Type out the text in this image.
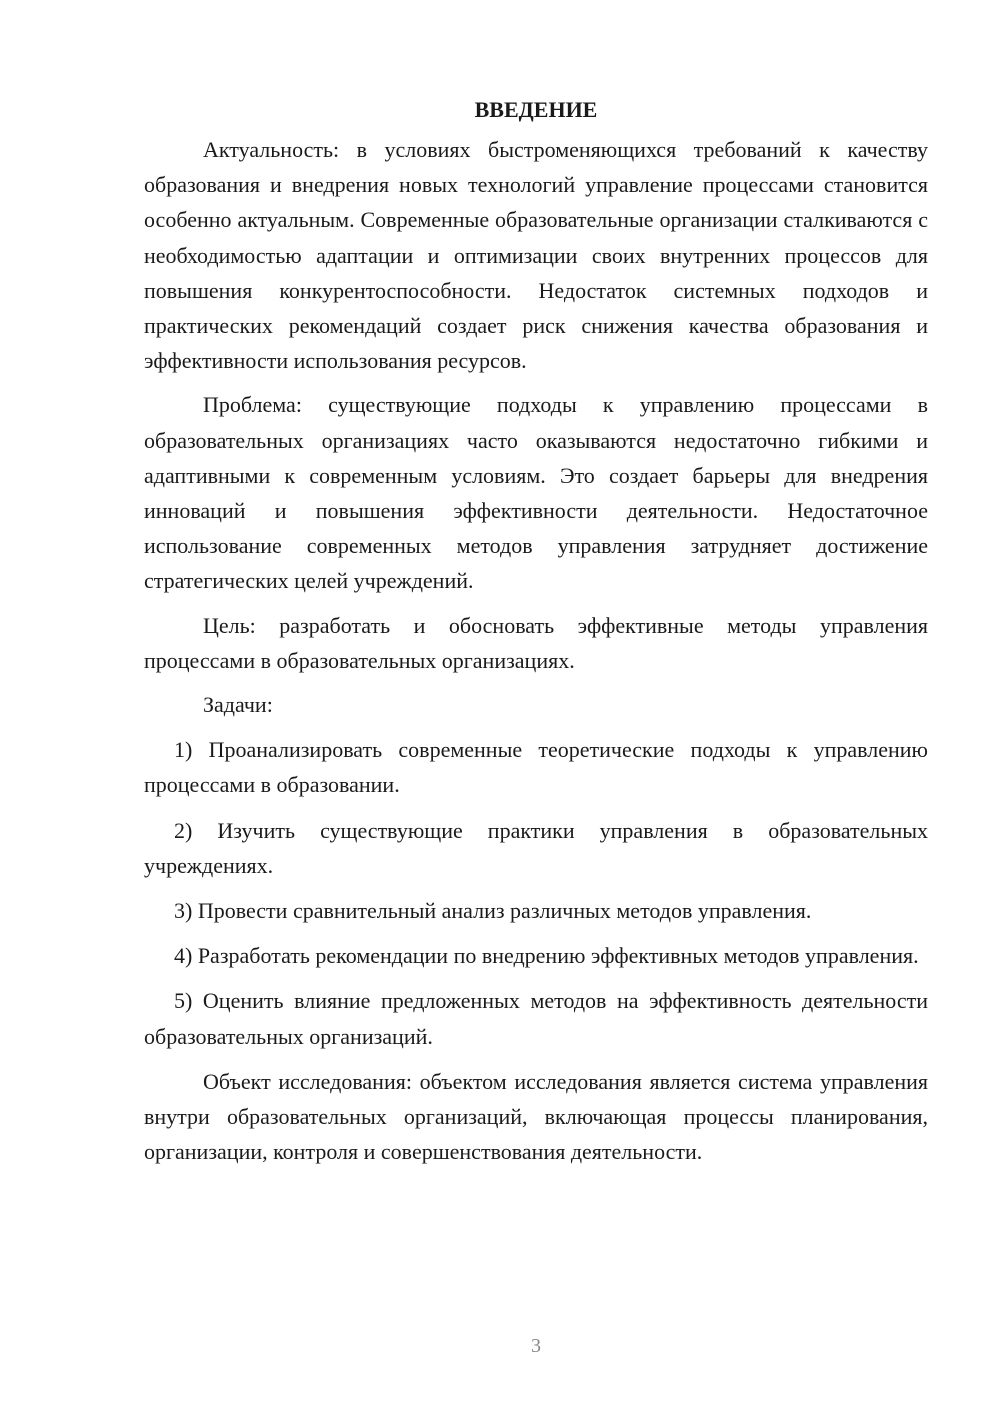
ВВЕДЕНИЕ

Актуальность: в условиях быстроменяющихся требований к качеству образования и внедрения новых технологий управление процессами становится особенно актуальным. Современные образовательные организации сталкиваются с необходимостью адаптации и оптимизации своих внутренних процессов для повышения конкурентоспособности. Недостаток системных подходов и практических рекомендаций создает риск снижения качества образования и эффективности использования ресурсов.

Проблема: существующие подходы к управлению процессами в образовательных организациях часто оказываются недостаточно гибкими и адаптивными к современным условиям. Это создает барьеры для внедрения инноваций и повышения эффективности деятельности. Недостаточное использование современных методов управления затрудняет достижение стратегических целей учреждений.

Цель: разработать и обосновать эффективные методы управления процессами в образовательных организациях.

Задачи:

1) Проанализировать современные теоретические подходы к управлению процессами в образовании.

2) Изучить существующие практики управления в образовательных учреждениях.

3) Провести сравнительный анализ различных методов управления.

4) Разработать рекомендации по внедрению эффективных методов управления.

5) Оценить влияние предложенных методов на эффективность деятельности образовательных организаций.

Объект исследования: объектом исследования является система управления внутри образовательных организаций, включающая процессы планирования, организации, контроля и совершенствования деятельности.

3
